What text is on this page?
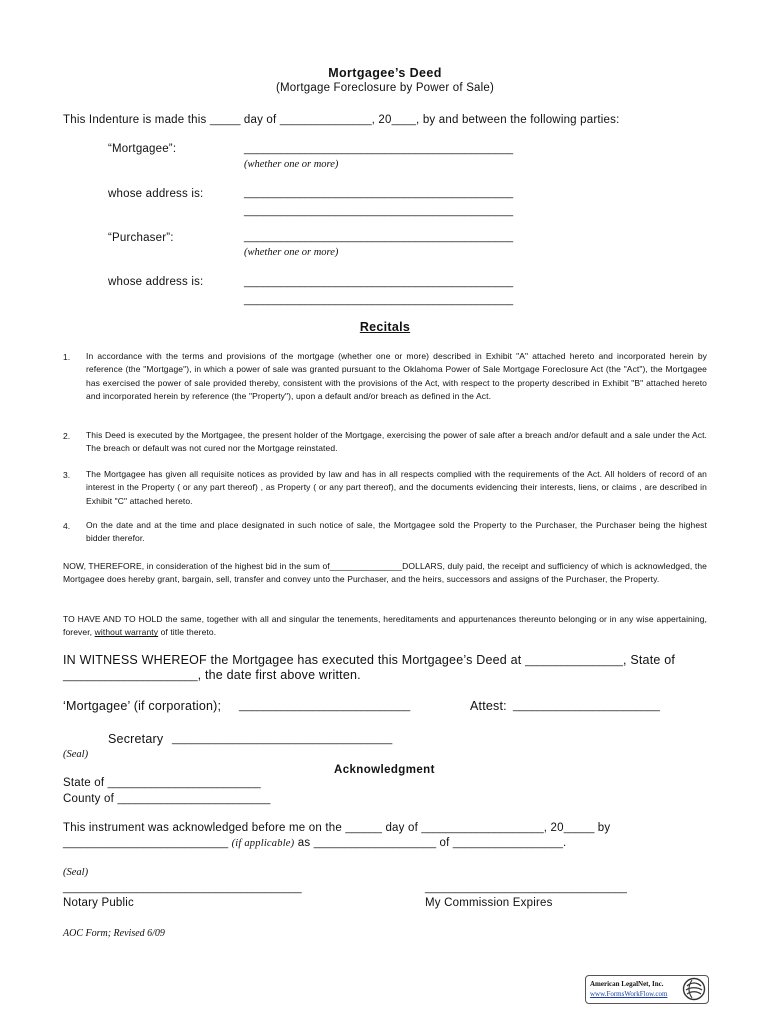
Mortgagee’s Deed
(Mortgage Foreclosure by Power of Sale)
This Indenture is made this _____ day of _______________, 20____, by and between the following parties:
“Mortgagee”:	____________________________________________
(whether one or more)
whose address is:	____________________________________________
____________________________________________
“Purchaser”:	____________________________________________
(whether one or more)
whose address is:	____________________________________________
____________________________________________
Recitals
1. In accordance with the terms and provisions of the mortgage (whether one or more) described in Exhibit "A" attached hereto and incorporated herein by reference (the "Mortgage"), in which a power of sale was granted pursuant to the Oklahoma Power of Sale Mortgage Foreclosure Act (the "Act"), the Mortgagee has exercised the power of sale provided thereby, consistent with the provisions of the Act, with respect to the property described in Exhibit "B" attached hereto and incorporated herein by reference (the "Property"), upon a default and/or breach as defined in the Act.
2. This Deed is executed by the Mortgagee, the present holder of the Mortgage, exercising the power of sale after a breach and/or default and a sale under the Act. The breach or default was not cured nor the Mortgage reinstated.
3. The Mortgagee has given all requisite notices as provided by law and has in all respects complied with the requirements of the Act. All holders of record of an interest in the Property ( or any part thereof) , as Property ( or any part thereof), and the documents evidencing their interests, liens, or claims , are described in Exhibit "C" attached hereto.
4. On the date and at the time and place designated in such notice of sale, the Mortgagee sold the Property to the Purchaser, the Purchaser being the highest bidder therefor.
NOW, THEREFORE, in consideration of the highest bid in the sum of_______________DOLLARS, duly paid, the receipt and sufficiency of which is acknowledged, the Mortgagee does hereby grant, bargain, sell, transfer and convey unto the Purchaser, and the heirs, successors and assigns of the Purchaser, the Property.
TO HAVE AND TO HOLD the same, together with all and singular the tenements, hereditaments and appurtenances thereunto belonging or in any wise appertaining, forever, without warranty of title thereto.
IN WITNESS WHEREOF the Mortgagee has executed this Mortgagee’s Deed at ________________, State of
______________________, the date first above written.
‘Mortgagee’ (if corporation); ____________________________	Attest: ________________________
Secretary ____________________________________
(Seal)
Acknowledgment
State of _________________________
County of _________________________
This instrument was acknowledged before me on the ______ day of ____________________, 20_____ by
___________________________ (if applicable) as ____________________ of __________________.
(Seal)
_______________________________________
Notary Public
_________________________________
My Commission Expires
AOC Form; Revised 6/09
American LegalNet, Inc.
www.FormsWorkFlow.com
